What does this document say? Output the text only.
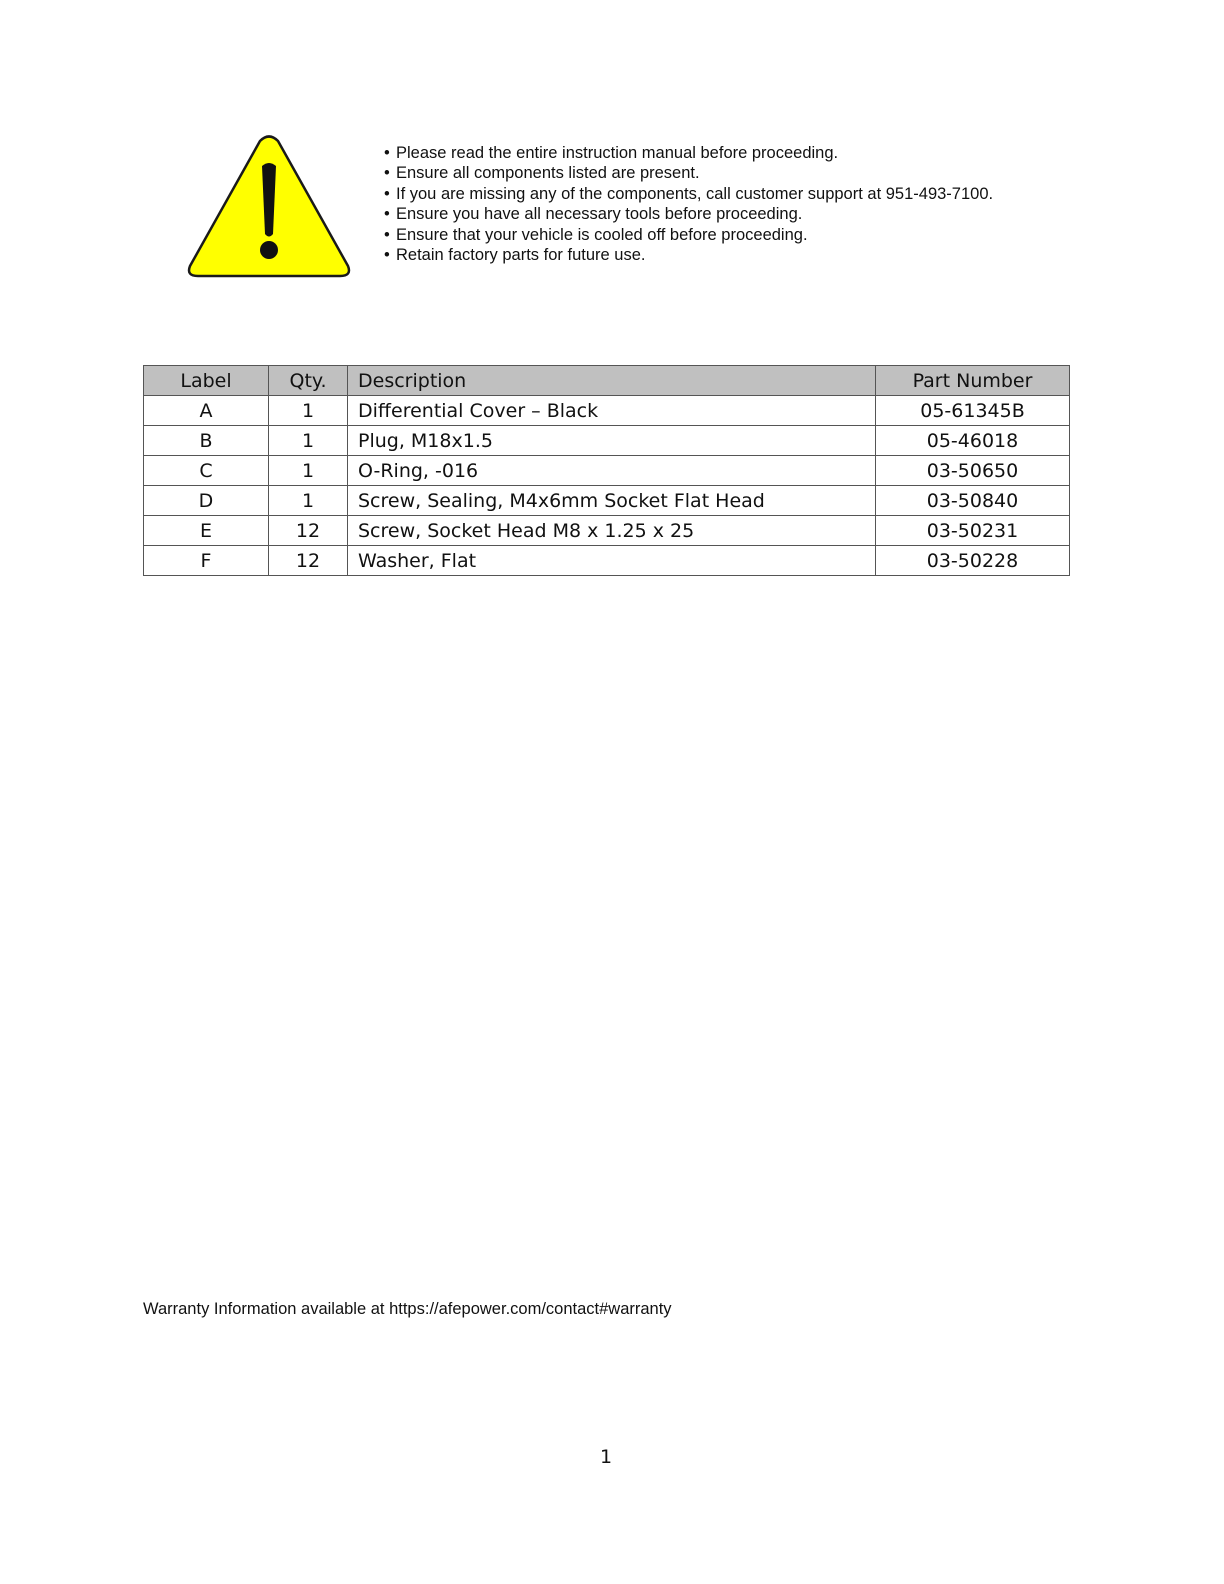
• Please read the entire instruction manual before proceeding.
• Ensure all components listed are present.
• If you are missing any of the components, call customer support at 951-493-7100.
• Ensure you have all necessary tools before proceeding.
• Ensure that your vehicle is cooled off before proceeding.
• Retain factory parts for future use.
Label	Qty.	Description	Part Number
A	1	Differential Cover – Black	05-61345B
B	1	Plug, M18x1.5	05-46018
C	1	O-Ring, -016	03-50650
D	1	Screw, Sealing, M4x6mm Socket Flat Head	03-50840
E	12	Screw, Socket Head M8 x 1.25 x 25	03-50231
F	12	Washer, Flat	03-50228
Warranty Information available at https://afepower.com/contact#warranty
1
